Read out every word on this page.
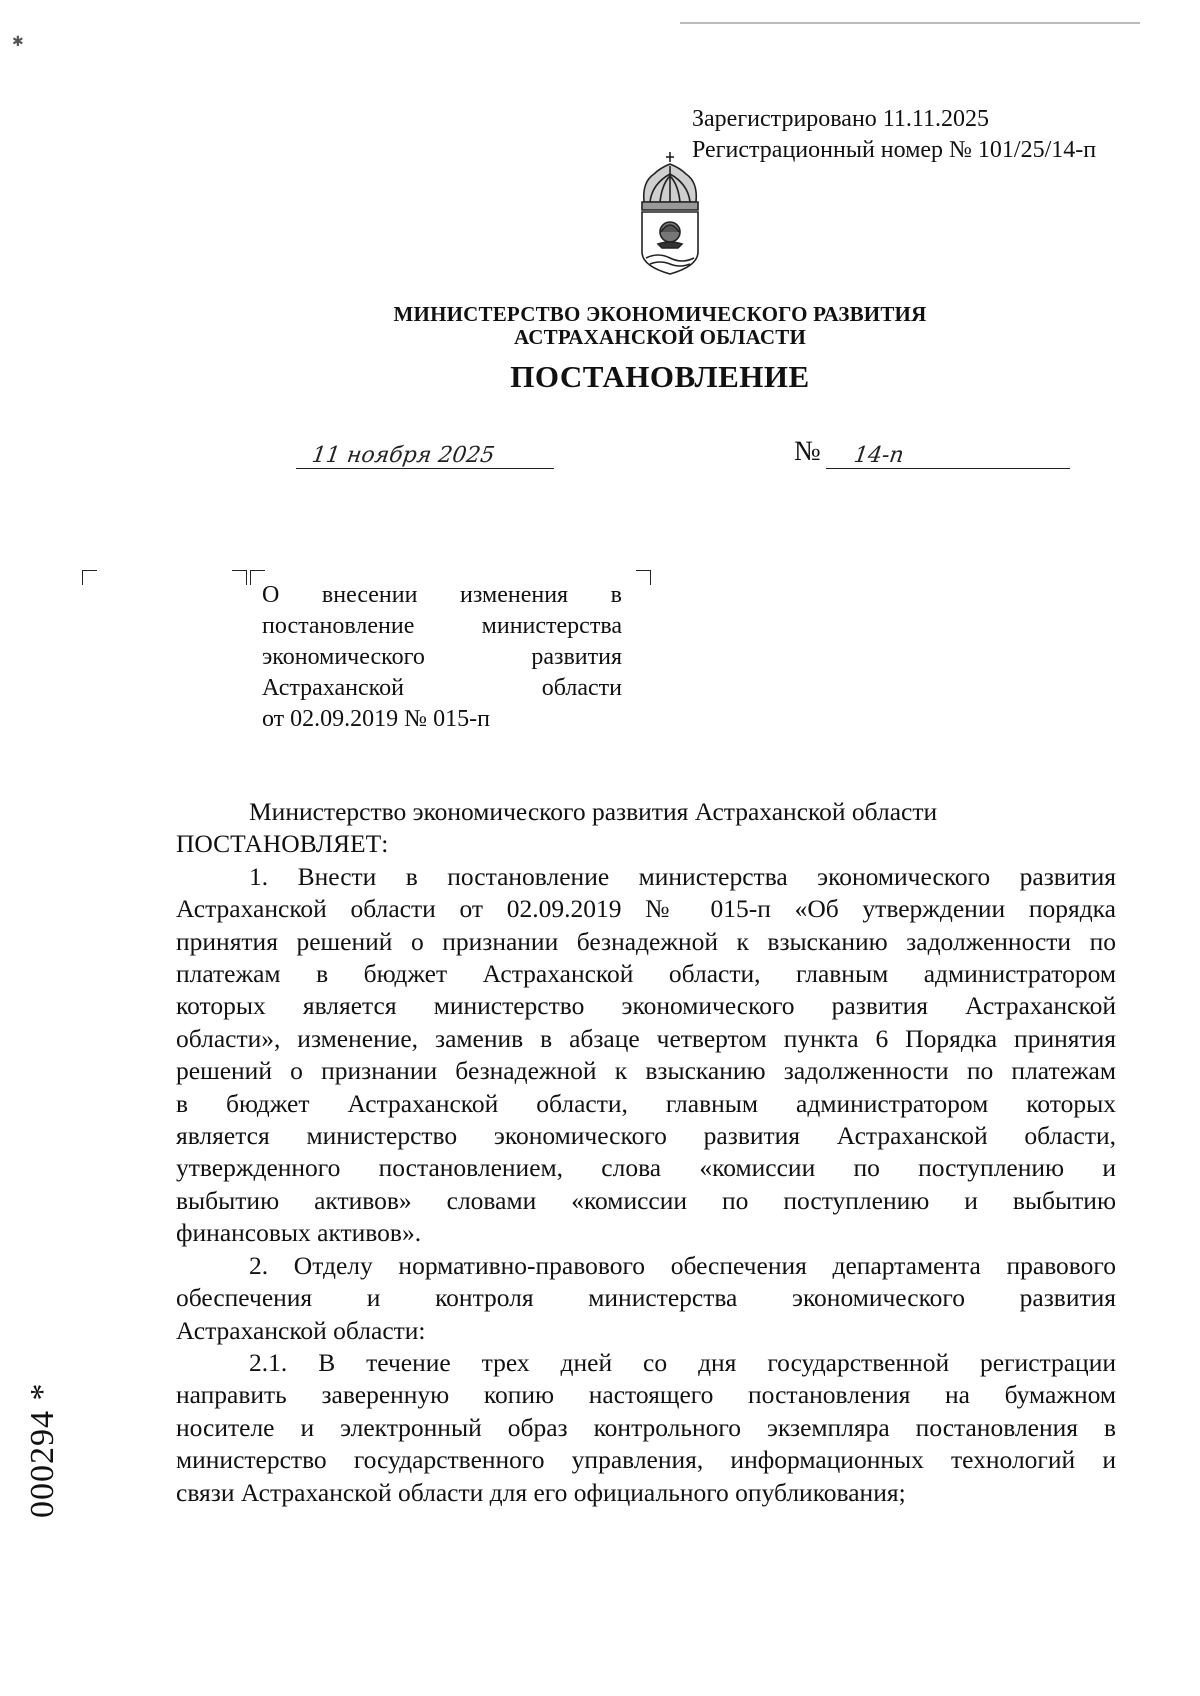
✱
Зарегистрировано 11.11.2025
Регистрационный номер № 101/25/14-п
МИНИСТЕРСТВО ЭКОНОМИЧЕСКОГО РАЗВИТИЯ
АСТРАХАНСКОЙ ОБЛАСТИ
ПОСТАНОВЛЕНИЕ
11 ноября 2025	№ 14-п
О внесении изменения в
постановление министерства
экономического развития
Астраханской области
от 02.09.2019 № 015-п
Министерство экономического развития Астраханской области
ПОСТАНОВЛЯЕТ:
1. Внести в постановление министерства экономического развития
Астраханской области от 02.09.2019 № 015-п «Об утверждении порядка
принятия решений о признании безнадежной к взысканию задолженности по
платежам в бюджет Астраханской области, главным администратором
которых является министерство экономического развития Астраханской
области», изменение, заменив в абзаце четвертом пункта 6 Порядка принятия
решений о признании безнадежной к взысканию задолженности по платежам
в бюджет Астраханской области, главным администратором которых
является министерство экономического развития Астраханской области,
утвержденного постановлением, слова «комиссии по поступлению и
выбытию активов» словами «комиссии по поступлению и выбытию
финансовых активов».
2. Отделу нормативно-правового обеспечения департамента правового
обеспечения и контроля министерства экономического развития
Астраханской области:
2.1. В течение трех дней со дня государственной регистрации
направить заверенную копию настоящего постановления на бумажном
носителе и электронный образ контрольного экземпляра постановления в
министерство государственного управления, информационных технологий и
связи Астраханской области для его официального опубликования;
000294 *
